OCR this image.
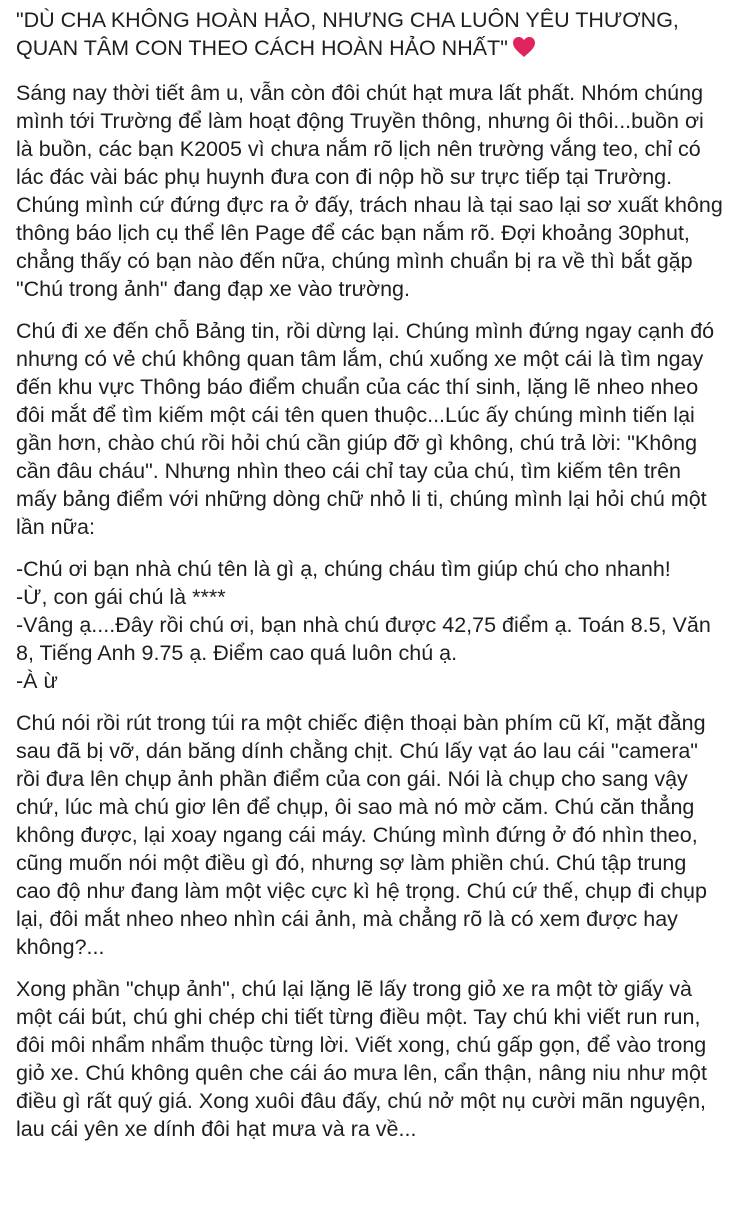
"DÙ CHA KHÔNG HOÀN HẢO, NHƯNG CHA LUÔN YÊU THƯƠNG,
QUAN TÂM CON THEO CÁCH HOÀN HẢO NHẤT"

Sáng nay thời tiết âm u, vẫn còn đôi chút hạt mưa lất phất. Nhóm chúng mình tới Trường để làm hoạt động Truyền thông, nhưng ôi thôi...buồn ơi là buồn, các bạn K2005 vì chưa nắm rõ lịch nên trường vắng teo, chỉ có lác đác vài bác phụ huynh đưa con đi nộp hồ sư trực tiếp tại Trường. Chúng mình cứ đứng đực ra ở đấy, trách nhau là tại sao lại sơ xuất không thông báo lịch cụ thể lên Page để các bạn nắm rõ. Đợi khoảng 30phut, chẳng thấy có bạn nào đến nữa, chúng mình chuẩn bị ra về thì bắt gặp "Chú trong ảnh" đang đạp xe vào trường.

Chú đi xe đến chỗ Bảng tin, rồi dừng lại. Chúng mình đứng ngay cạnh đó nhưng có vẻ chú không quan tâm lắm, chú xuống xe một cái là tìm ngay đến khu vực Thông báo điểm chuẩn của các thí sinh, lặng lẽ nheo nheo đôi mắt để tìm kiếm một cái tên quen thuộc...Lúc ấy chúng mình tiến lại gần hơn, chào chú rồi hỏi chú cần giúp đỡ gì không, chú trả lời: "Không cần đâu cháu". Nhưng nhìn theo cái chỉ tay của chú, tìm kiếm tên trên mấy bảng điểm với những dòng chữ nhỏ li ti, chúng mình lại hỏi chú một lần nữa:

-Chú ơi bạn nhà chú tên là gì ạ, chúng cháu tìm giúp chú cho nhanh!
-Ừ, con gái chú là ****
-Vâng ạ....Đây rồi chú ơi, bạn nhà chú được 42,75 điểm ạ. Toán 8.5, Văn 8, Tiếng Anh 9.75 ạ. Điểm cao quá luôn chú ạ.
-À ừ

Chú nói rồi rút trong túi ra một chiếc điện thoại bàn phím cũ kĩ, mặt đằng sau đã bị vỡ, dán băng dính chằng chịt. Chú lấy vạt áo lau cái "camera" rồi đưa lên chụp ảnh phần điểm của con gái. Nói là chụp cho sang vậy chứ, lúc mà chú giơ lên để chụp, ôi sao mà nó mờ căm. Chú căn thẳng không được, lại xoay ngang cái máy. Chúng mình đứng ở đó nhìn theo, cũng muốn nói một điều gì đó, nhưng sợ làm phiền chú. Chú tập trung cao độ như đang làm một việc cực kì hệ trọng. Chú cứ thế, chụp đi chụp lại, đôi mắt nheo nheo nhìn cái ảnh, mà chẳng rõ là có xem được hay không?...

Xong phần "chụp ảnh", chú lại lặng lẽ lấy trong giỏ xe ra một tờ giấy và một cái bút, chú ghi chép chi tiết từng điều một. Tay chú khi viết run run, đôi môi nhẩm nhẩm thuộc từng lời. Viết xong, chú gấp gọn, để vào trong giỏ xe. Chú không quên che cái áo mưa lên, cẩn thận, nâng niu như một điều gì rất quý giá. Xong xuôi đâu đấy, chú nở một nụ cười mãn nguyện, lau cái yên xe dính đôi hạt mưa và ra về...
